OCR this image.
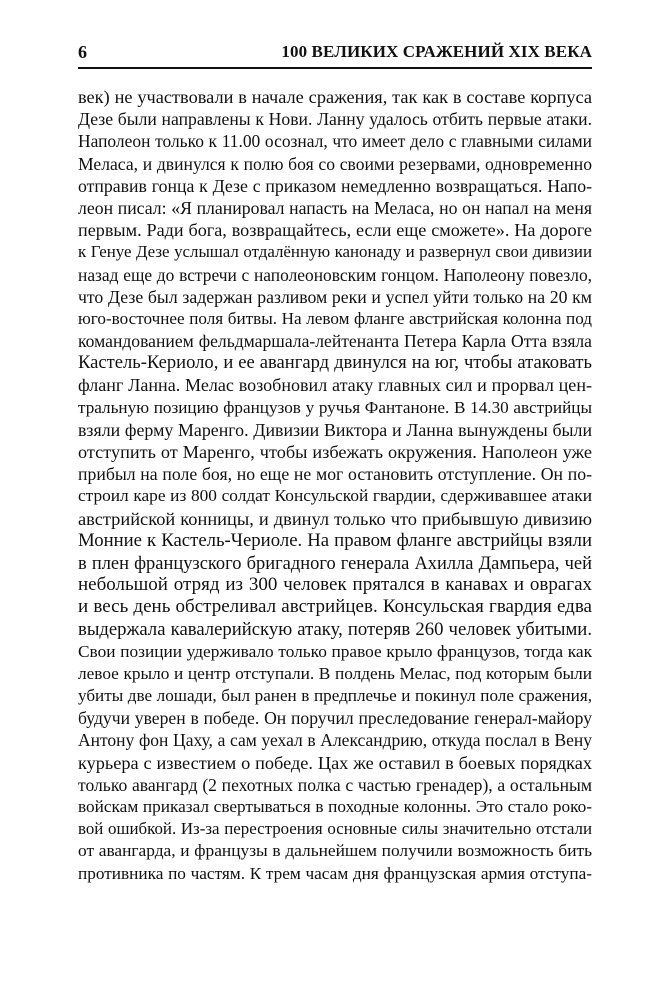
6	100 ВЕЛИКИХ СРАЖЕНИЙ XIX ВЕКА
век) не участвовали в начале сражения, так как в составе корпуса
Дезе были направлены к Нови. Ланну удалось отбить первые атаки.
Наполеон только к 11.00 осознал, что имеет дело с главными силами
Меласа, и двинулся к полю боя со своими резервами, одновременно
отправив гонца к Дезе с приказом немедленно возвращаться. Напо-
леон писал: «Я планировал напасть на Меласа, но он напал на меня
первым. Ради бога, возвращайтесь, если еще сможете». На дороге
к Генуе Дезе услышал отдалённую канонаду и развернул свои дивизии
назад еще до встречи с наполеоновским гонцом. Наполеону повезло,
что Дезе был задержан разливом реки и успел уйти только на 20 км
юго-восточнее поля битвы. На левом фланге австрийская колонна под
командованием фельдмаршала-лейтенанта Петера Карла Отта взяла
Кастель-Кериоло, и ее авангард двинулся на юг, чтобы атаковать
фланг Ланна. Мелас возобновил атаку главных сил и прорвал цен-
тральную позицию французов у ручья Фантаноне. В 14.30 австрийцы
взяли ферму Маренго. Дивизии Виктора и Ланна вынуждены были
отступить от Маренго, чтобы избежать окружения. Наполеон уже
прибыл на поле боя, но еще не мог остановить отступление. Он по-
строил каре из 800 солдат Консульской гвардии, сдерживавшее атаки
австрийской конницы, и двинул только что прибывшую дивизию
Монние к Кастель-Чериоле. На правом фланге австрийцы взяли
в плен французского бригадного генерала Ахилла Дампьера, чей
небольшой отряд из 300 человек прятался в канавах и оврагах
и весь день обстреливал австрийцев. Консульская гвардия едва
выдержала кавалерийскую атаку, потеряв 260 человек убитыми.
Свои позиции удерживало только правое крыло французов, тогда как
левое крыло и центр отступали. В полдень Мелас, под которым были
убиты две лошади, был ранен в предплечье и покинул поле сражения,
будучи уверен в победе. Он поручил преследование генерал-майору
Антону фон Цаху, а сам уехал в Александрию, откуда послал в Вену
курьера с известием о победе. Цах же оставил в боевых порядках
только авангард (2 пехотных полка с частью гренадер), а остальным
войскам приказал свертываться в походные колонны. Это стало роко-
вой ошибкой. Из-за перестроения основные силы значительно отстали
от авангарда, и французы в дальнейшем получили возможность бить
противника по частям. К трем часам дня французская армия отступа-
